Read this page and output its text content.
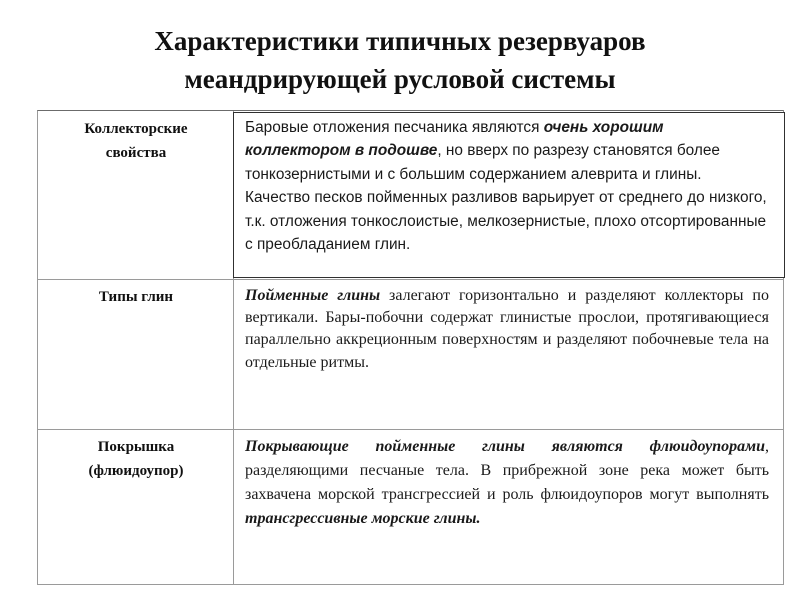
Характеристики типичных резервуаров
меандрирующей русловой системы
Коллекторские
свойства
Типы глин
Покрышка
(флюидоупор)
Баровые отложения песчаника являются очень хорошим коллектором в подошве, но вверх по разрезу становятся более тонкозернистыми и с большим содержанием алеврита и глины. Качество песков пойменных разливов варьирует от среднего до низкого, т.к. отложения тонкослоистые, мелкозернистые, плохо отсортированные с преобладанием глин.
Пойменные глины залегают горизонтально и разделяют коллекторы по вертикали. Бары-побочни содержат глинистые прослои, протягивающиеся параллельно аккреционным поверхностям и разделяют побочневые тела на отдельные ритмы.
Покрывающие пойменные глины являются флюидоупорами, разделяющими песчаные тела. В прибрежной зоне река может быть захвачена морской трансгрессией и роль флюидоупоров могут выполнять трансгрессивные морские глины.
